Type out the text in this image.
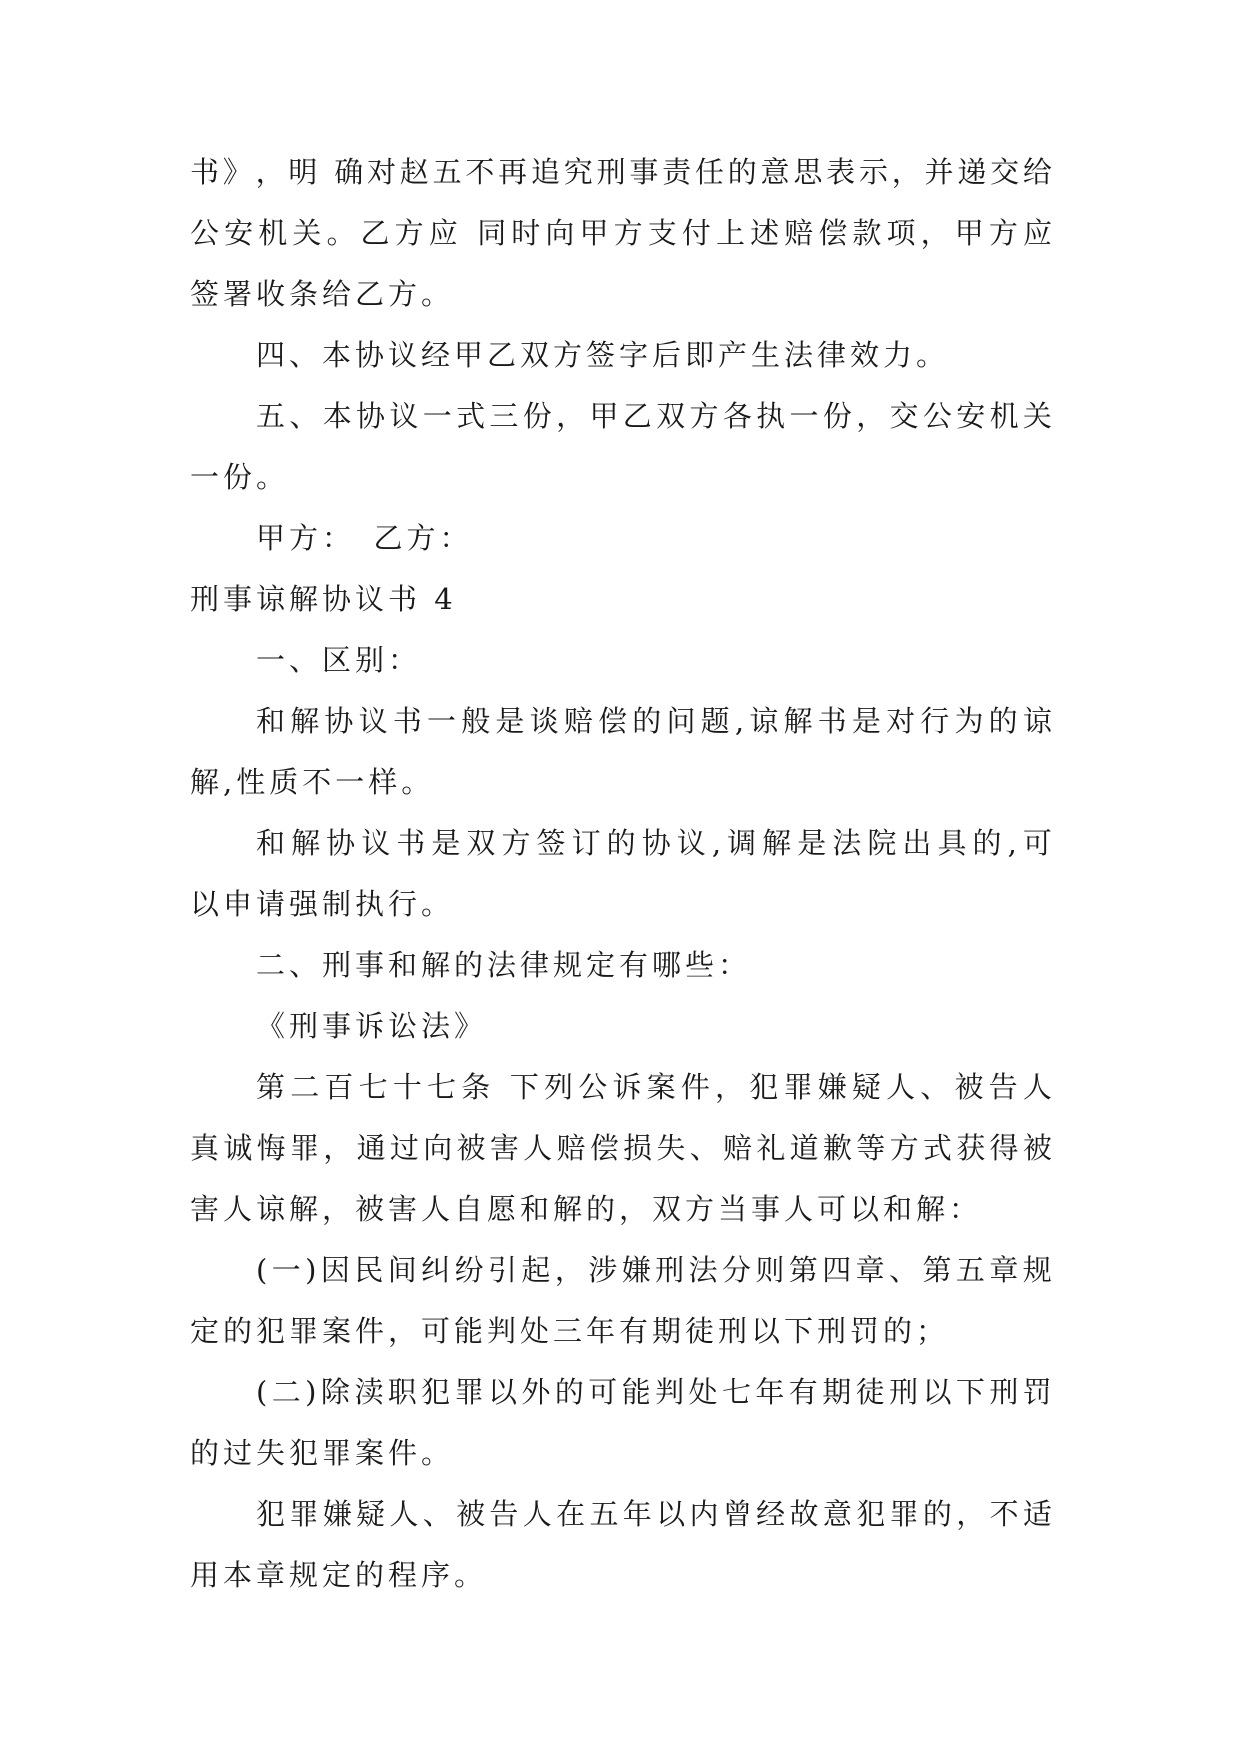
书 》 ， 明
确 对 赵 五 不 再 追 究 刑 事 责 任 的 意 思 表 示 ， 并 递 交 给
公 安 机 关 。 乙 方 应
同 时 向 甲 方 支 付 上 述 赔 偿 款 项 ， 甲 方 应
签署收条给乙方。
四、本协议经甲乙双方签字后即产生法律效力。
五 、 本 协 议 一 式 三 份 ， 甲 乙 双 方 各 执 一 份 ， 交 公 安 机 关
一份。
甲方：　乙方：
刑事谅解协议书 4
一、区别：
和 解 协 议 书 一 般 是 谈 赔 偿 的 问 题 , 谅 解 书 是 对 行 为 的 谅
解,性质不一样。
和 解 协 议 书 是 双 方 签 订 的 协 议 , 调 解 是 法 院 出 具 的 , 可
以申请强制执行。
二、刑事和解的法律规定有哪些：
《刑事诉讼法》
第 二 百 七 十 七 条
下 列 公 诉 案 件 ， 犯 罪 嫌 疑 人 、 被 告 人
真 诚 悔 罪 ， 通 过 向 被 害 人 赔 偿 损 失 、 赔 礼 道 歉 等 方 式 获 得 被
害人谅解，被害人自愿和解的，双方当事人可以和解：
( 一 ) 因 民 间 纠 纷 引 起 ， 涉 嫌 刑 法 分 则 第 四 章 、 第 五 章 规
定的犯罪案件，可能判处三年有期徒刑以下刑罚的；
( 二 ) 除 渎 职 犯 罪 以 外 的 可 能 判 处 七 年 有 期 徒 刑 以 下 刑 罚
的过失犯罪案件。
犯 罪 嫌 疑 人 、 被 告 人 在 五 年 以 内 曾 经 故 意 犯 罪 的 ， 不 适
用本章规定的程序。
